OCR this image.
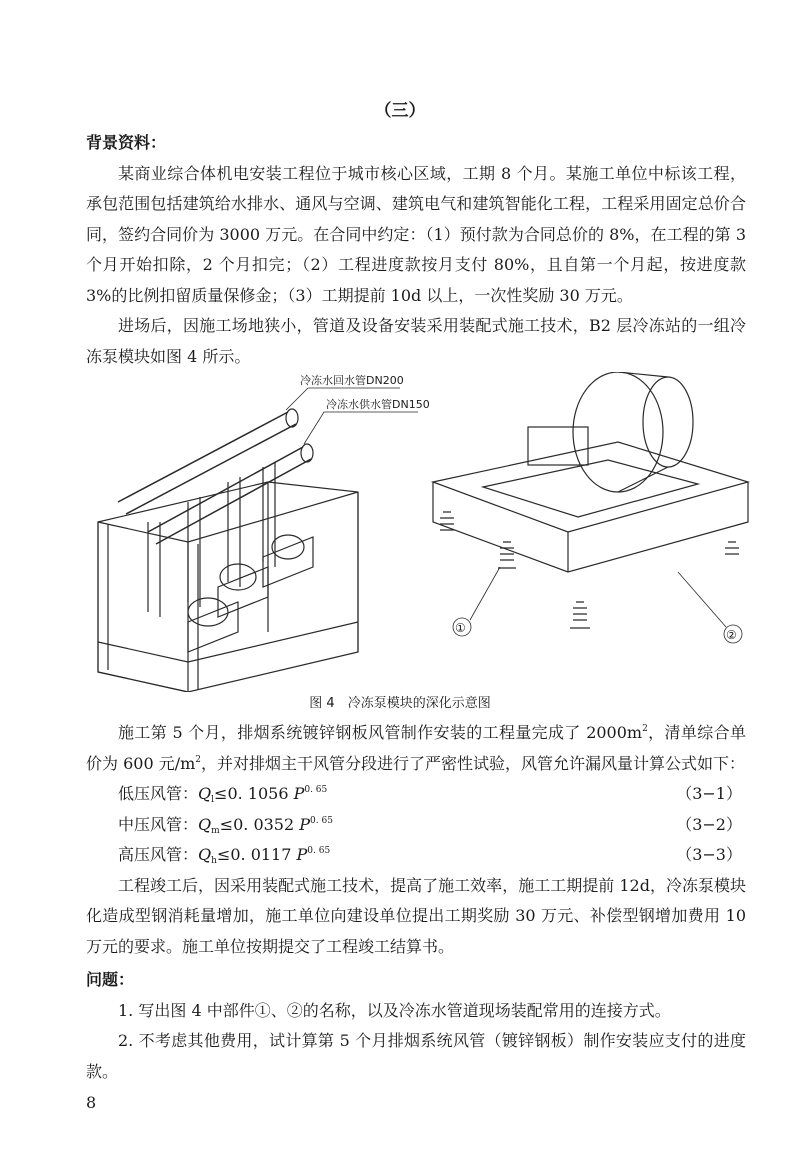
（三）
背景资料：

某商业综合体机电安装工程位于城市核心区域，工期 8 个月。某施工单位中标该工程，承包范围包括建筑给水排水、通风与空调、建筑电气和建筑智能化工程，工程采用固定总价合同，签约合同价为 3000 万元。在合同中约定：（1）预付款为合同总价的 8%，在工程的第 3 个月开始扣除，2 个月扣完；（2）工程进度款按月支付 80%，且自第一个月起，按进度款 3%的比例扣留质量保修金；（3）工期提前 10d 以上，一次性奖励 30 万元。

进场后，因施工场地狭小，管道及设备安装采用装配式施工技术，B2 层冷冻站的一组冷冻泵模块如图 4 所示。

冷冻水回水管DN200
冷冻水供水管DN150
①	②
图 4　冷冻泵模块的深化示意图

施工第 5 个月，排烟系统镀锌钢板风管制作安装的工程量完成了 $2000m^2$，清单综合单价为 600 元$/m^2$，并对排烟主干风管分段进行了严密性试验，风管允许漏风量计算公式如下：

低压风管：$Q_l\le 0$. 1056 $P^{0. 65}$	（3−1）
中压风管：$Q_m\le 0$. 0352 $P^{0. 65}$	（3−2）
高压风管：$Q_h\le 0$. 0117 $P^{0. 65}$	（3−3）

工程竣工后，因采用装配式施工技术，提高了施工效率，施工工期提前 12d，冷冻泵模块化造成型钢消耗量增加，施工单位向建设单位提出工期奖励 30 万元、补偿型钢增加费用 10 万元的要求。施工单位按期提交了工程竣工结算书。

问题：

1. 写出图 4 中部件①、②的名称，以及冷冻水管道现场装配常用的连接方式。

2. 不考虑其他费用，试计算第 5 个月排烟系统风管（镀锌钢板）制作安装应支付的进度款。

8
